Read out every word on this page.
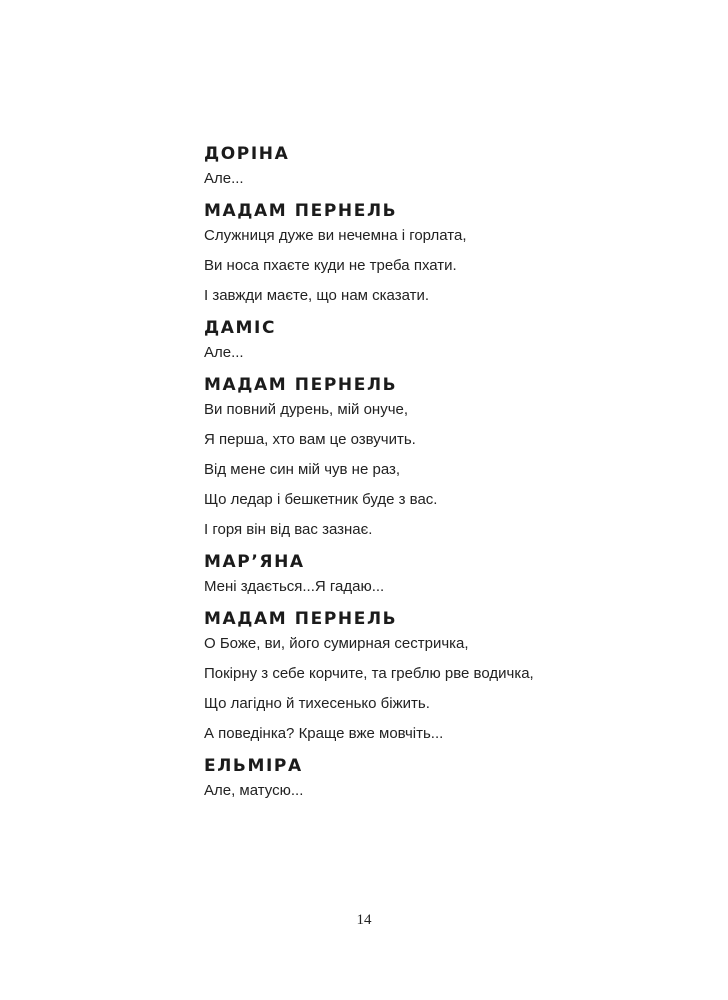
ДОРІНА
Але...
МАДАМ ПЕРНЕЛЬ
Служниця дуже ви нечемна і горлата,
Ви носа пхаєте куди не треба пхати.
І завжди маєте, що нам сказати.
ДАМІС
Але...
МАДАМ ПЕРНЕЛЬ
Ви повний дурень, мій онуче,
Я перша, хто вам це озвучить.
Від мене син мій чув не раз,
Що ледар і бешкетник буде з вас.
І горя він від вас зазнає.
МАР’ЯНА
Мені здається...Я гадаю...
МАДАМ ПЕРНЕЛЬ
О Боже, ви, його сумирная сестричка,
Покірну з себе корчите, та греблю рве водичка,
Що лагідно й тихесенько біжить.
А поведінка? Краще вже мовчіть...
ЕЛЬМІРА
Але, матусю...
14
